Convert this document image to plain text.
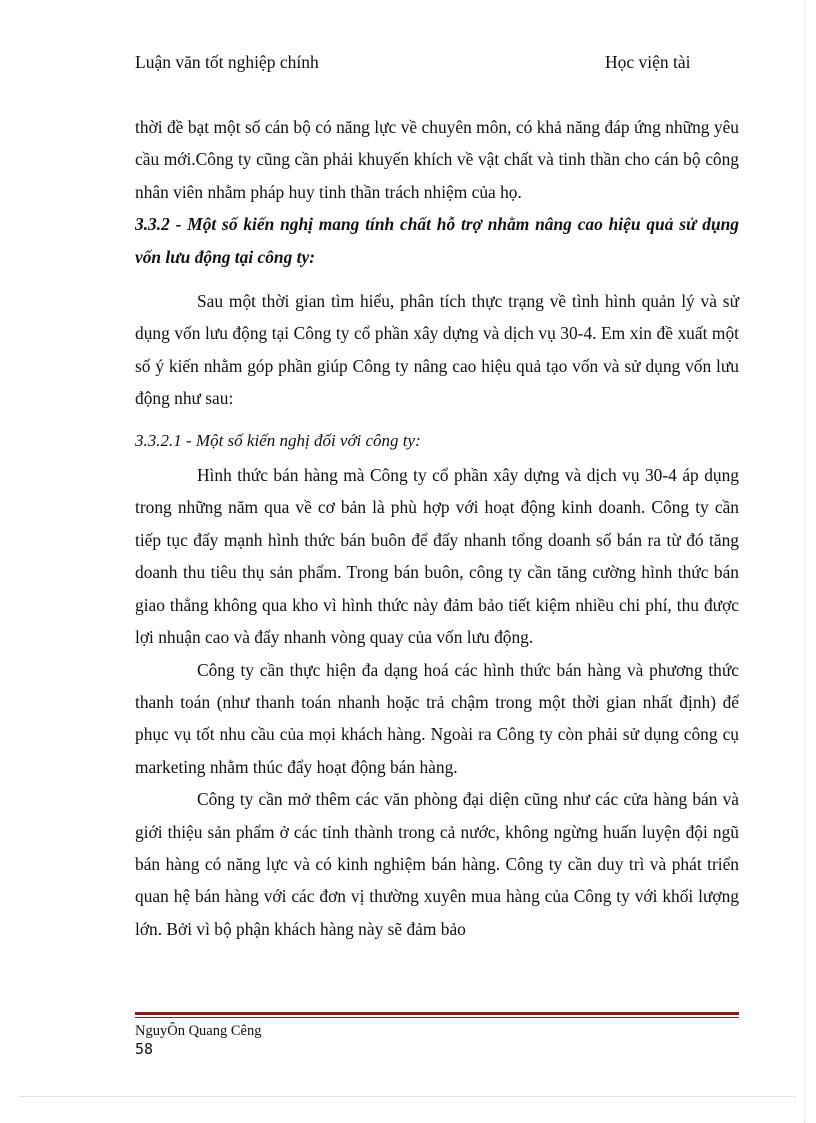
Luận văn tốt nghiệp chính	Học viện tài

thời đề bạt một số cán bộ có năng lực về chuyên môn, có khả năng đáp ứng những yêu cầu mới.Công ty cũng cần phải khuyến khích về vật chất và tinh thần cho cán bộ công nhân viên nhằm pháp huy tinh thần trách nhiệm của họ.

3.3.2 - Một số kiến nghị mang tính chất hỗ trợ nhằm nâng cao hiệu quả sử dụng vốn lưu động tại công ty:

Sau một thời gian tìm hiểu, phân tích thực trạng về tình hình quản lý và sử dụng vốn lưu động tại Công ty cổ phần xây dựng và dịch vụ 30-4. Em xin đề xuất một số ý kiến nhằm góp phần giúp Công ty nâng cao hiệu quả tạo vốn và sử dụng vốn lưu động như sau:

3.3.2.1 - Một số kiến nghị đối với công ty:

Hình thức bán hàng mà Công ty cổ phần xây dựng và dịch vụ 30-4 áp dụng trong những năm qua về cơ bản là phù hợp với hoạt động kinh doanh. Công ty cần tiếp tục đẩy mạnh hình thức bán buôn để đẩy nhanh tổng doanh số bán ra từ đó tăng doanh thu tiêu thụ sản phẩm. Trong bán buôn, công ty cần tăng cường hình thức bán giao thẳng không qua kho vì hình thức này đảm bảo tiết kiệm nhiều chi phí, thu được lợi nhuận cao và đẩy nhanh vòng quay của vốn lưu động.

Công ty cần thực hiện đa dạng hoá các hình thức bán hàng và phương thức thanh toán (như thanh toán nhanh hoặc trả chậm trong một thời gian nhất định) để phục vụ tốt nhu cầu của mọi khách hàng. Ngoài ra Công ty còn phải sử dụng công cụ marketing nhằm thúc đẩy hoạt động bán hàng.

Công ty cần mở thêm các văn phòng đại diện cũng như các cửa hàng bán và giới thiệu sản phẩm ở các tỉnh thành trong cả nước, không ngừng huấn luyện đội ngũ bán hàng có năng lực và có kinh nghiệm bán hàng. Công ty cần duy trì và phát triển quan hệ bán hàng với các đơn vị thường xuyên mua hàng của Công ty với khối lượng lớn. Bởi vì bộ phận khách hàng này sẽ đảm bảo

NguyÔn Quang Cêng
58
